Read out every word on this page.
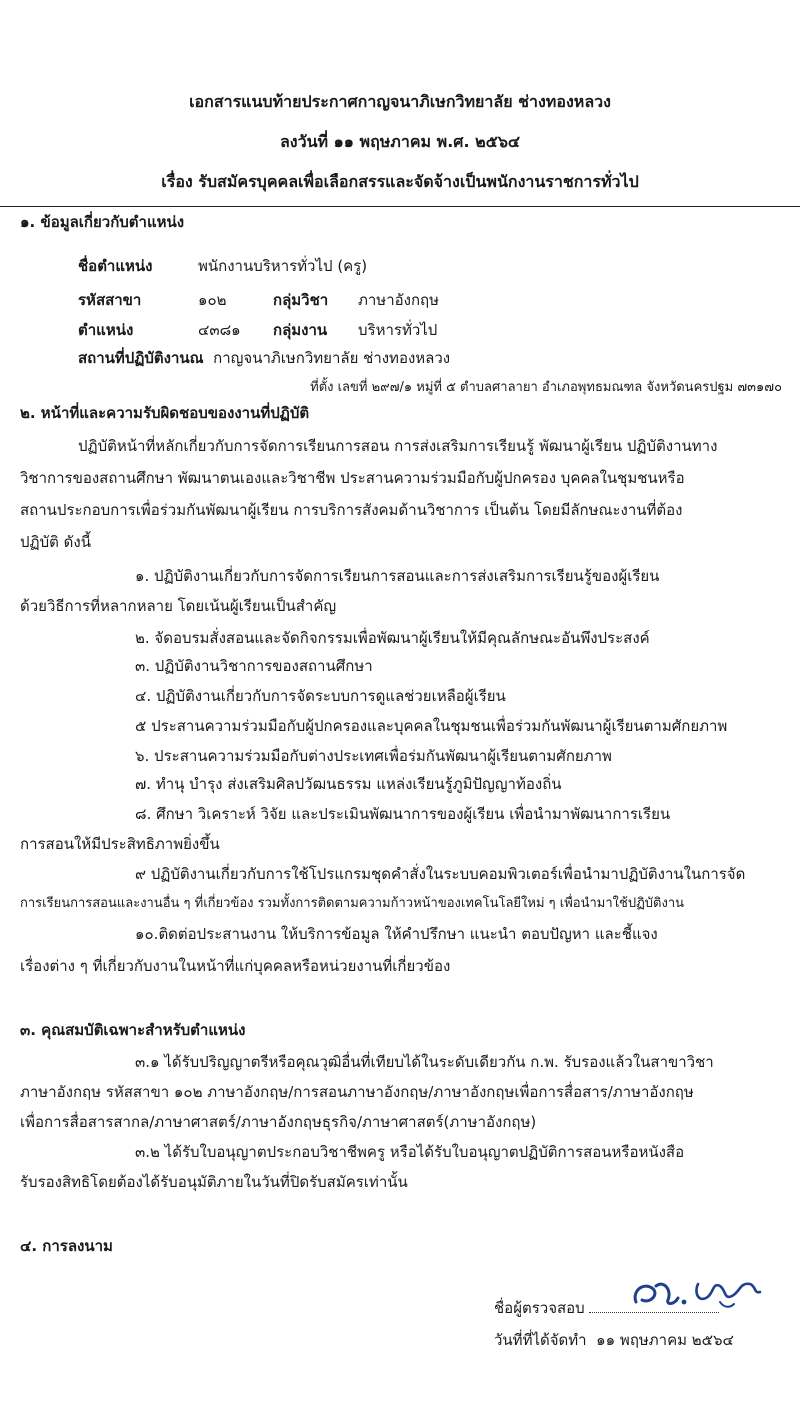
เอกสารแนบท้ายประกาศกาญจนาภิเษกวิทยาลัย ช่างทองหลวง
ลงวันที่ ๑๑ พฤษภาคม พ.ศ. ๒๕๖๔
เรื่อง รับสมัครบุคคลเพื่อเลือกสรรและจัดจ้างเป็นพนักงานราชการทั่วไป
๑. ข้อมูลเกี่ยวกับตำแหน่ง
ชื่อตำแหน่ง	พนักงานบริหารทั่วไป (ครู)
รหัสสาขา	๑๐๒	กลุ่มวิชา ภาษาอังกฤษ
ตำแหน่ง	๔๓๘๑ กลุ่มงาน บริหารทั่วไป
สถานที่ปฏิบัติงานณ กาญจนาภิเษกวิทยาลัย ช่างทองหลวง
ที่ตั้ง เลขที่ ๒๙๗/๑ หมู่ที่ ๕ ตำบลศาลายา อำเภอพุทธมณฑล จังหวัดนครปฐม ๗๓๑๗๐
๒. หน้าที่และความรับผิดชอบของงานที่ปฏิบัติ
ปฏิบัติหน้าที่หลักเกี่ยวกับการจัดการเรียนการสอน การส่งเสริมการเรียนรู้ พัฒนาผู้เรียน ปฏิบัติงานทาง
วิชาการของสถานศึกษา พัฒนาตนเองและวิชาชีพ ประสานความร่วมมือกับผู้ปกครอง บุคคลในชุมชนหรือ
สถานประกอบการเพื่อร่วมกันพัฒนาผู้เรียน การบริการสังคมด้านวิชาการ เป็นต้น โดยมีลักษณะงานที่ต้อง
ปฏิบัติ ดังนี้
๑. ปฏิบัติงานเกี่ยวกับการจัดการเรียนการสอนและการส่งเสริมการเรียนรู้ของผู้เรียน
ด้วยวิธีการที่หลากหลาย โดยเน้นผู้เรียนเป็นสำคัญ
๒. จัดอบรมสั่งสอนและจัดกิจกรรมเพื่อพัฒนาผู้เรียนให้มีคุณลักษณะอันพึงประสงค์
๓. ปฏิบัติงานวิชาการของสถานศึกษา
๔. ปฏิบัติงานเกี่ยวกับการจัดระบบการดูแลช่วยเหลือผู้เรียน
๕ ประสานความร่วมมือกับผู้ปกครองและบุคคลในชุมชนเพื่อร่วมกันพัฒนาผู้เรียนตามศักยภาพ
๖. ประสานความร่วมมือกับต่างประเทศเพื่อร่มกันพัฒนาผู้เรียนตามศักยภาพ
๗. ทำนุ บำรุง ส่งเสริมศิลปวัฒนธรรม แหล่งเรียนรู้ภูมิปัญญาท้องถิ่น
๘. ศึกษา วิเคราะห์ วิจัย และประเมินพัฒนาการของผู้เรียน เพื่อนำมาพัฒนาการเรียน
การสอนให้มีประสิทธิภาพยิ่งขึ้น
๙ ปฏิบัติงานเกี่ยวกับการใช้โปรแกรมชุดคำสั่งในระบบคอมพิวเตอร์เพื่อนำมาปฏิบัติงานในการจัด
การเรียนการสอนและงานอื่น ๆ ที่เกี่ยวข้อง รวมทั้งการติดตามความก้าวหน้าของเทคโนโลยีใหม่ ๆ เพื่อนำมาใช้ปฏิบัติงาน
๑๐.ติดต่อประสานงาน ให้บริการข้อมูล ให้คำปรึกษา แนะนำ ตอบปัญหา และชี้แจง
เรื่องต่าง ๆ ที่เกี่ยวกับงานในหน้าที่แก่บุคคลหรือหน่วยงานที่เกี่ยวข้อง
๓. คุณสมบัติเฉพาะสำหรับตำแหน่ง
๓.๑ ได้รับปริญญาตรีหรือคุณวุฒิอื่นที่เทียบได้ในระดับเดียวกัน ก.พ. รับรองแล้วในสาขาวิชา
ภาษาอังกฤษ รหัสสาขา ๑๐๒ ภาษาอังกฤษ/การสอนภาษาอังกฤษ/ภาษาอังกฤษเพื่อการสื่อสาร/ภาษาอังกฤษ
เพื่อการสื่อสารสากล/ภาษาศาสตร์/ภาษาอังกฤษธุรกิจ/ภาษาศาสตร์(ภาษาอังกฤษ)
๓.๒ ได้รับใบอนุญาตประกอบวิชาชีพครู หรือได้รับใบอนุญาตปฏิบัติการสอนหรือหนังสือ
รับรองสิทธิโดยต้องได้รับอนุมัติภายในวันที่ปิดรับสมัครเท่านั้น
๔. การลงนาม
ชื่อผู้ตรวจสอบ
วันที่ที่ได้จัดทำ ๑๑ พฤษภาคม ๒๕๖๔
